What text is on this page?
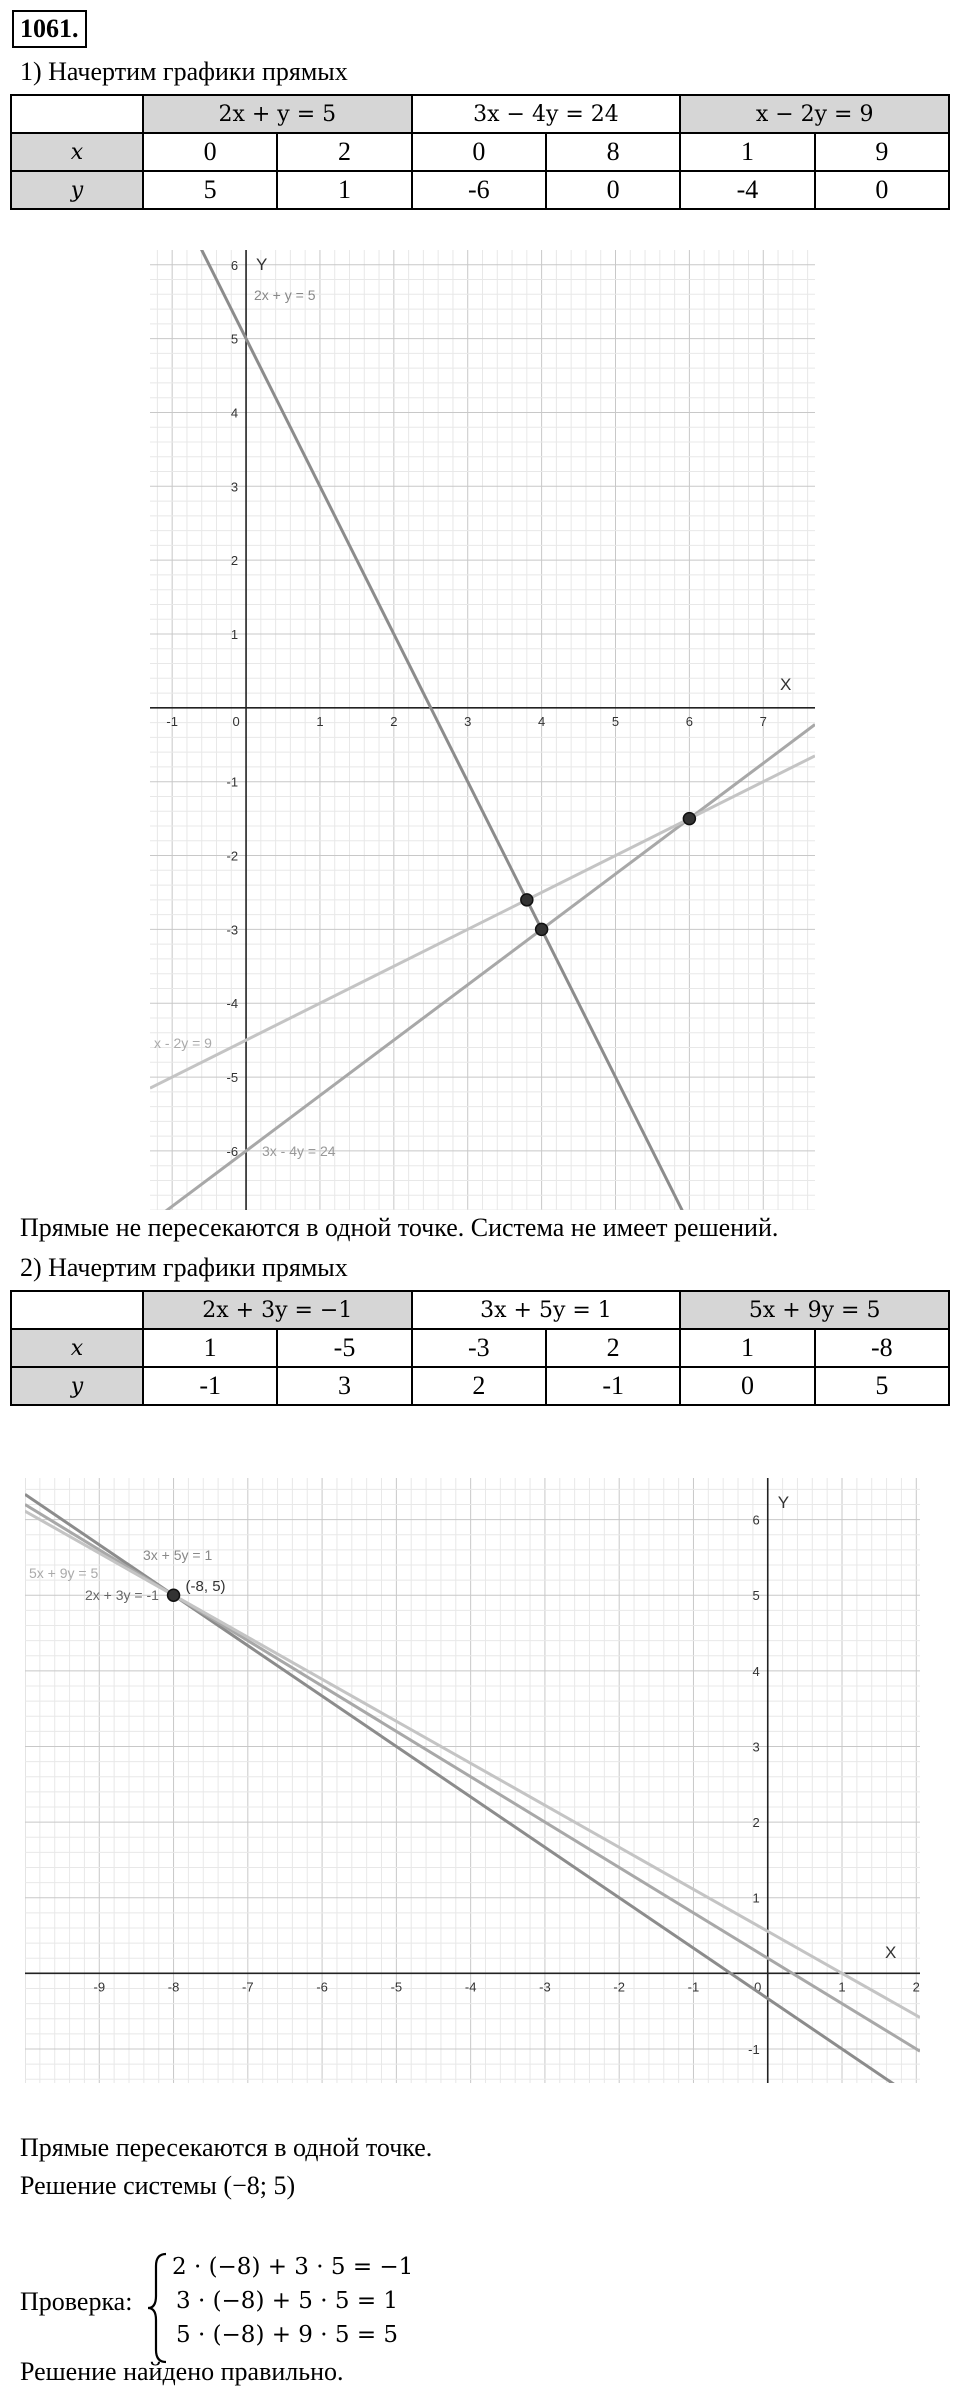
1061.
1) Начертим графики прямых
	2x + y = 5		3x − 4y = 24		x − 2y = 9	
x	0	2	0	8	1	9
y	5	1	-6	0	-4	0
-1	0	1	2	3	4	5	6	7
-6
-5
-4
-3
-2
-1
1
2
3
4
5
6
X
Y
2x + y = 5
3x - 4y = 24
x - 2y = 9
Прямые не пересекаются в одной точке. Система не имеет решений.
2) Начертим графики прямых
	2x + 3y = −1		3x + 5y = 1		5x + 9y = 5	
x	1	-5	-3	2	1	-8
y	-1	3	2	-1	0	5
-9	-8	-7	-6	-5	-4	-3	-2	-1	0	1	2
-1
1
2
3
4
5
6
X
Y
2x + 3y = -1
3x + 5y = 1
5x + 9y = 5
(-8, 5)
Прямые пересекаются в одной точке.
Решение системы (−8; 5)
Проверка:
2 · (−8) + 3 · 5 = −1
3 · (−8) + 5 · 5 = 1
5 · (−8) + 9 · 5 = 5
Решение найдено правильно.
